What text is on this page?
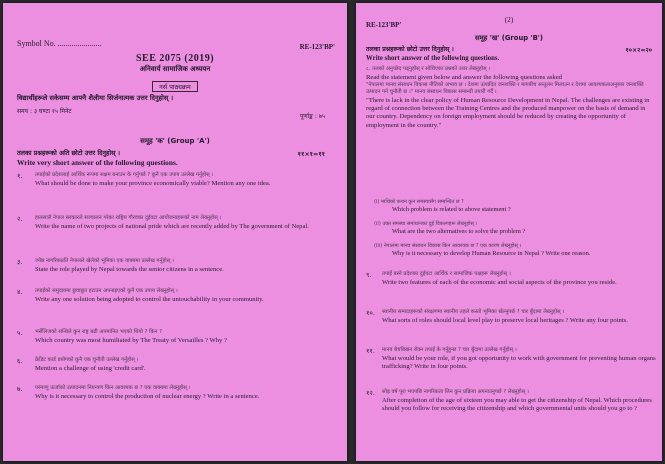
Symbol No. ......................	RE-123'BP'
SEE 2075 (2019)
अनिवार्य सामाजिक अध्ययन
नर्स पाठ्यक्रम
विद्यार्थीहरूले सकेसम्म आफ्नै शैलीमा सिर्जनात्मक उत्तर दिनुहोस् ।
समय : ३ घण्टा १५ मिनेट
पूर्णाङ्क : ७५
समूह 'क' (Group 'A')
तलका प्रश्नहरूको अति छोटो उत्तर दिनुहोस् ।	११×१=११
Write very short answer of the following questions.
१. तपाईंको प्रदेशलाई आर्थिक रूपमा सक्षम बनाउन के गर्नुपर्छ ? कुनै एक उपाय उल्लेख गर्नुहोस् ।
What should be done to make your province economically viable? Mention any one idea.
२. हालसालै नेपाल सरकारले सञ्चालन गरेका राष्ट्रिय गौरवका दुईवटा आयोजनाहरूको नाम लेख्नुहोस् ।
Write the name of two projects of national pride which are recently added by The government of Nepal.
३. ज्येष्ठ नागरिकप्रति नेपालले खेलेको भूमिका एक वाक्यमा उल्लेख गर्नुहोस् ।
State the role played by Nepal towards the senior citizens in a sentence.
४. तपाईंको समुदायमा छुवाछूत हटाउन अपनाइएको कुनै एक उपाय लेख्नुहोस् ।
Write any one solution being adopted to control the untouchability in your community.
५. भर्सेलिजको सन्धिले कुन राष्ट्र बढी अपमानित भएको थियो ? किन ?
Which country was most humiliated by The Treaty of Versailles ? Why ?
६. क्रेडिट कार्ड प्रयोगको कुनै एक चुनौती उल्लेख गर्नुहोस् ।
Mention a challenge of using 'credit card'.
७. परमाणु ऊर्जाको उत्पादनमा नियन्त्रण किन आवश्यक छ ? एक वाक्यमा लेख्नुहोस् ।
Why is it necessary to control the production of nuclear energy ? Write in a sentence.
RE-123'BP'
(2)
समूह 'ख' (Group 'B')
तलका प्रश्नहरूको छोटो उत्तर दिनुहोस् ।	१०×२=२०
Write short answer of the following questions.
८. तलको अनुच्छेद पढ्नुहोस् र सोधिएका प्रश्नको उत्तर लेख्नुहोस् ।
Read the statement given below and answer the following questions asked
"नेपालमा मानव संसाधन विकास नीतिको अभाव छ । देशमा उत्पादित जनशक्ति र मागबीच सन्तुलन मिलाउन र देशमा आवश्यकताअनुसार जनशक्ति उत्पादन गर्न चुनौती छ ।" मानव संसाधन विकास सम्बन्धी तयारी गर्दै ।
"There is lack in the clear policy of Human Resource Development in Nepal. The challenges are existing in regard of connection between the Training Centres and the produced manpower on the basis of demand in our country. Dependency on foreign employment should be reduced by creating the opportunity of employment in the country."
(i) माथिको कथन कुन समस्यासँग सम्बन्धित छ ?
Which problem is related to above statement ?
(ii) उक्त समस्या समाधानका दुई विकल्पहरू लेख्नुहोस् ।
What are the two alternatives to solve the problem ?
(iii) नेपालमा मानव संसाधन विकास किन आवश्यक छ ? एक कारण लेख्नुहोस् ।
Why is it necessary to develop Human Resource in Nepal ? Write one reason.
९. तपाईं बस्ने प्रदेशका दुईवटा आर्थिक र सामाजिक पक्षहरू लेख्नुहोस् ।
Write two features of each of the economic and social aspects of the province you reside.
१०. स्थानीय सम्पदाहरूको संरक्षणमा स्थानीय तहले कस्तो भूमिका खेल्नुपर्छ ? चार बुँदामा लेख्नुहोस् ।
What sorts of roles should local level play to preserve local heritages ? Write any four points.
११. मानव बेचबिखन रोक्न तपाईं के गर्नुहुन्छ ? चार बुँदामा उल्लेख गर्नुहोस् ।
What would be your role, if you got opportunity to work with government for preventing human organs trafficking? Write in four points.
१२. सोह्र वर्ष पूरा भएपछि नागरिकता लिन कुन प्रक्रिया अपनाउनुपर्छ ? लेख्नुहोस् ।
After completion of the age of sixteen you may able to get the citizenship of Nepal. Which procedures should you follow for receiving the citizenship and which governmental units should you go to ?
